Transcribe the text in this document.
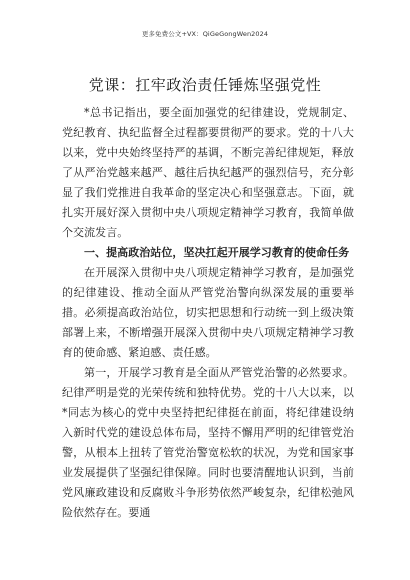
更多免费公文+VX：QiGeGongWen2024
党课：扛牢政治责任锤炼坚强党性

*总书记指出，要全面加强党的纪律建设，党规制定、党纪教育、执纪监督全过程都要贯彻严的要求。党的十八大以来，党中央始终坚持严的基调，不断完善纪律规矩，释放了从严治党越来越严、越往后执纪越严的强烈信号，充分彰显了我们党推进自我革命的坚定决心和坚强意志。下面，就扎实开展好深入贯彻中央八项规定精神学习教育，我简单做个交流发言。

一、提高政治站位，坚决扛起开展学习教育的使命任务

在开展深入贯彻中央八项规定精神学习教育，是加强党的纪律建设、推动全面从严管党治警向纵深发展的重要举措。必须提高政治站位，切实把思想和行动统一到上级决策部署上来，不断增强开展深入贯彻中央八项规定精神学习教育的使命感、紧迫感、责任感。

第一，开展学习教育是全面从严管党治警的必然要求。纪律严明是党的光荣传统和独特优势。党的十八大以来，以*同志为核心的党中央坚持把纪律挺在前面，将纪律建设纳入新时代党的建设总体布局，坚持不懈用严明的纪律管党治警，从根本上扭转了管党治警宽松软的状况，为党和国家事业发展提供了坚强纪律保障。同时也要清醒地认识到，当前党风廉政建设和反腐败斗争形势依然严峻复杂，纪律松弛风险依然存在。要通
